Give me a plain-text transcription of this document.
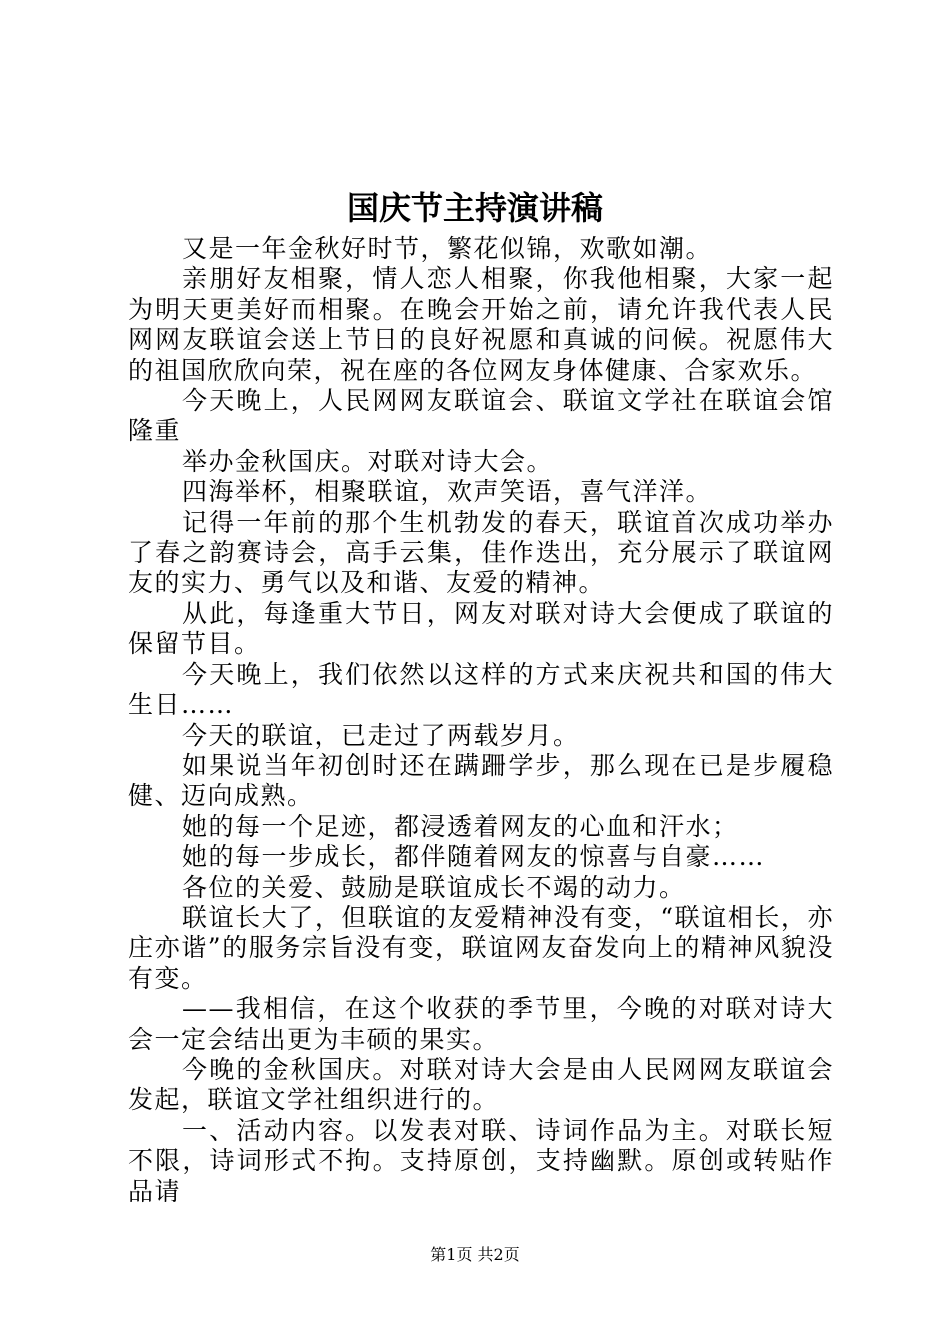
国庆节主持演讲稿

又是一年金秋好时节，繁花似锦，欢歌如潮。

亲朋好友相聚，情人恋人相聚，你我他相聚，大家一起为明天更美好而相聚。在晚会开始之前，请允许我代表人民网网友联谊会送上节日的良好祝愿和真诚的问候。祝愿伟大的祖国欣欣向荣，祝在座的各位网友身体健康、合家欢乐。

今天晚上，人民网网友联谊会、联谊文学社在联谊会馆隆重

举办金秋国庆。对联对诗大会。

四海举杯，相聚联谊，欢声笑语，喜气洋洋。

记得一年前的那个生机勃发的春天，联谊首次成功举办了春之韵赛诗会，高手云集，佳作迭出，充分展示了联谊网友的实力、勇气以及和谐、友爱的精神。

从此，每逢重大节日，网友对联对诗大会便成了联谊的保留节目。

今天晚上，我们依然以这样的方式来庆祝共和国的伟大生日……

今天的联谊，已走过了两载岁月。

如果说当年初创时还在蹒跚学步，那么现在已是步履稳健、迈向成熟。

她的每一个足迹，都浸透着网友的心血和汗水；

她的每一步成长，都伴随着网友的惊喜与自豪……

各位的关爱、鼓励是联谊成长不竭的动力。

联谊长大了，但联谊的友爱精神没有变，“联谊相长，亦庄亦谐”的服务宗旨没有变，联谊网友奋发向上的精神风貌没有变。

——我相信，在这个收获的季节里，今晚的对联对诗大会一定会结出更为丰硕的果实。

今晚的金秋国庆。对联对诗大会是由人民网网友联谊会发起，联谊文学社组织进行的。

一、活动内容。以发表对联、诗词作品为主。对联长短不限，诗词形式不拘。支持原创，支持幽默。原创或转贴作品请

第1页 共2页
